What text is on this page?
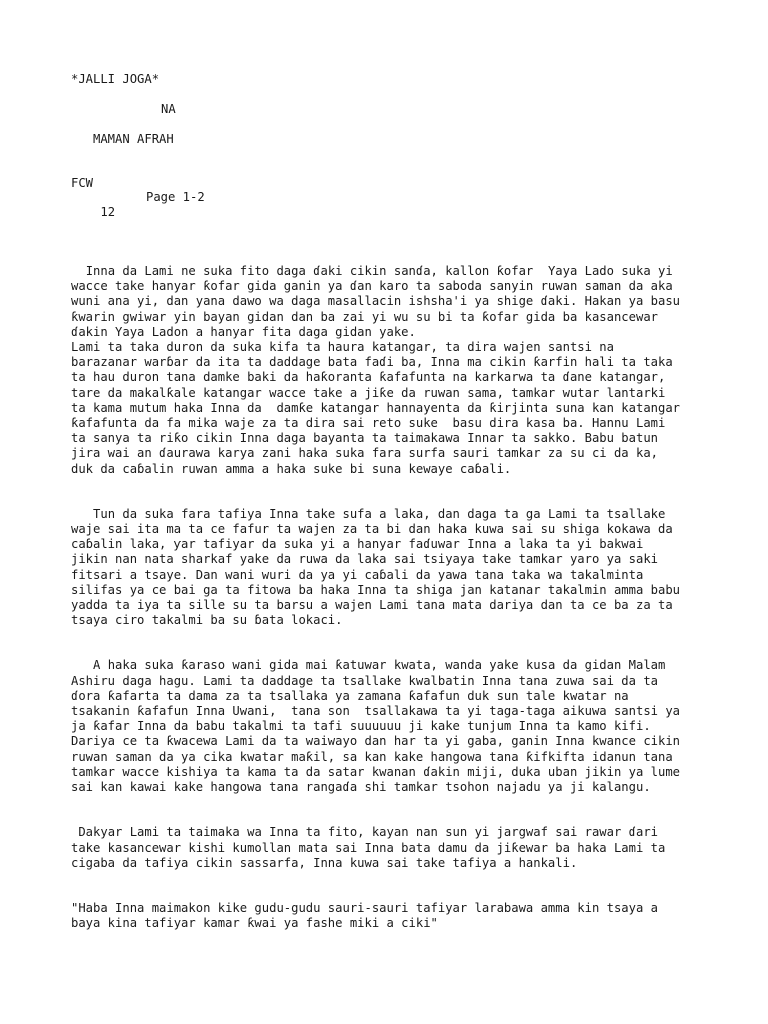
*JALLI JOGA*
NA
MAMAN AFRAH
FCW

12

Page 1-2

Inna da Lami ne suka fito daga ɗaki cikin sanɗa, kallon ƙofar  Yaya Lado suka yi
wacce take hanyar ƙofar gida ganin ya ɗan karo ta saboda sanyin ruwan saman da aka
wuni ana yi, dan yana dawo wa daga masallacin ishsha'i ya shige ɗaki. Hakan ya basu
ƙwarin gwiwar yin bayan gidan dan ba zai yi wu su bi ta ƙofar gida ba kasancewar
ɗakin Yaya Ladon a hanyar fita daga gidan yake.
Lami ta taka duron da suka kifa ta haura katangar, ta dira wajen santsi na
barazanar warɓar da ita ta daddage bata faɗi ba, Inna ma cikin ƙarfin hali ta taka
ta hau duron tana damke baki da haƙoranta ƙafafunta na karkarwa ta ɗane katangar,
tare da makalƙale katangar wacce take a jiƙe da ruwan sama, tamkar wutar lantarki
ta kama mutum haka Inna da  damƙe katangar hannayenta da ƙirjinta suna kan katangar
ƙafafunta da fa mika waje za ta dira sai reto suke  basu dira kasa ba. Hannu Lami
ta sanya ta riƙo cikin Inna daga bayanta ta taimakawa Innar ta sakko. Babu batun
jira wai an ɗaurawa karya zani haka suka fara surfa sauri tamkar za su ci da ka,
duk da caɓalin ruwan amma a haka suke bi suna kewaye caɓali.

Tun da suka fara tafiya Inna take sufa a laka, dan daga ta ga Lami ta tsallake
waje sai ita ma ta ce fafur ta wajen za ta bi dan haka kuwa sai su shiga kokawa da
caɓalin laka, ƴar tafiyar da suka yi a hanyar faɗuwar Inna a laka ta yi bakwai
jikin nan nata sharkaf yake da ruwa da laka sai tsiyaya take tamkar yaro ya saki
fitsari a tsaye. Dan wani wuri da ya yi caɓali da yawa tana taka wa takalminta
silifas ya ce bai ga ta fitowa ba haka Inna ta shiga jan katanar takalmin amma babu
yadda ta iya ta sille su ta barsu a wajen Lami tana mata dariya dan ta ce ba za ta
tsaya ciro takalmi ba su ɓata lokaci.

A haka suka ƙaraso wani gida mai ƙatuwar kwata, wanda yake kusa da gidan Malam
Ashiru daga hagu. Lami ta daddage ta tsallake kwalbatin Inna tana zuwa sai da ta
ɗora ƙafarta ta dama za ta tsallaka ya zamana ƙafafun duk sun tale kwatar na
tsakanin ƙafafun Inna Uwani,  tana son  tsallakawa ta yi taga-taga aikuwa santsi ya
ja ƙafar Inna da babu takalmi ta tafi suuuuuu ji kake tunjum Inna ta kamo kifi.
Dariya ce ta ƙwacewa Lami da ta waiwayo dan har ta yi gaba, ganin Inna kwance cikin
ruwan saman da ya cika kwatar maƙil, sa kan kake hangowa tana ƙifkifta idanun tana
tamkar wacce kishiya ta kama ta da satar kwanan ɗakin miji, duka uban jikin ya lume
sai kan kawai kake hangowa tana rangaɗa shi tamkar tsohon najadu ya ji kalangu.

Dakyar Lami ta taimaka wa Inna ta fito, kayan nan sun yi jargwaf sai rawar ɗari
take kasancewar kishi kumollan mata sai Inna bata damu da jiƙewar ba haka Lami ta
cigaba da tafiya cikin sassarfa, Inna kuwa sai take tafiya a hankali.

"Haba Inna maimakon kike gudu-gudu sauri-sauri tafiyar larabawa amma kin tsaya a
baya kina tafiyar kamar ƙwai ya fashe miki a ciki"
